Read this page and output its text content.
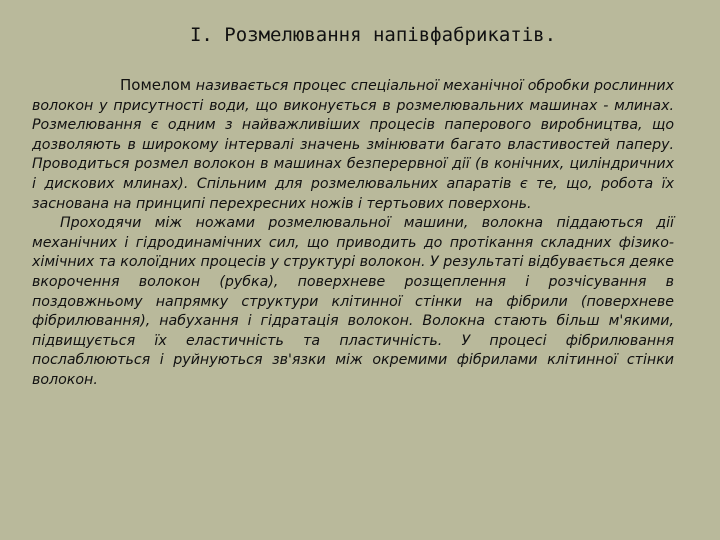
I. Розмелювання напівфабрикатів.

Помелом називається процес спеціальної механічної обробки рослинних волокон у присутності води, що виконується в розмелювальних машинах - млинах. Розмелювання є одним з найважливіших процесів паперового виробництва, що дозволяють в широкому інтервалі значень змінювати багато властивостей паперу. Проводиться розмел волокон в машинах безперервної дії (в конічних, циліндричних і дискових млинах). Спільним для розмелювальних апаратів є те, що, робота їх заснована на принципі перехресних ножів і тертьових поверхонь.

Проходячи між ножами розмелювальної машини, волокна піддаються дії механічних і гідродинамічних сил, що приводить до протікання складних фізико-хімічних та колоїдних процесів у структурі волокон. У результаті відбувається деяке вкорочення волокон (рубка), поверхневе розщеплення і розчісування в поздовжньому напрямку структури клітинної стінки на фібрили (поверхневе фібрилювання), набухання і гідратація волокон. Волокна стають більш м'якими, підвищується їх еластичність та пластичність. У процесі фібрилювання послаблюються і руйнуються зв'язки між окремими фібрилами клітинної стінки волокон.
